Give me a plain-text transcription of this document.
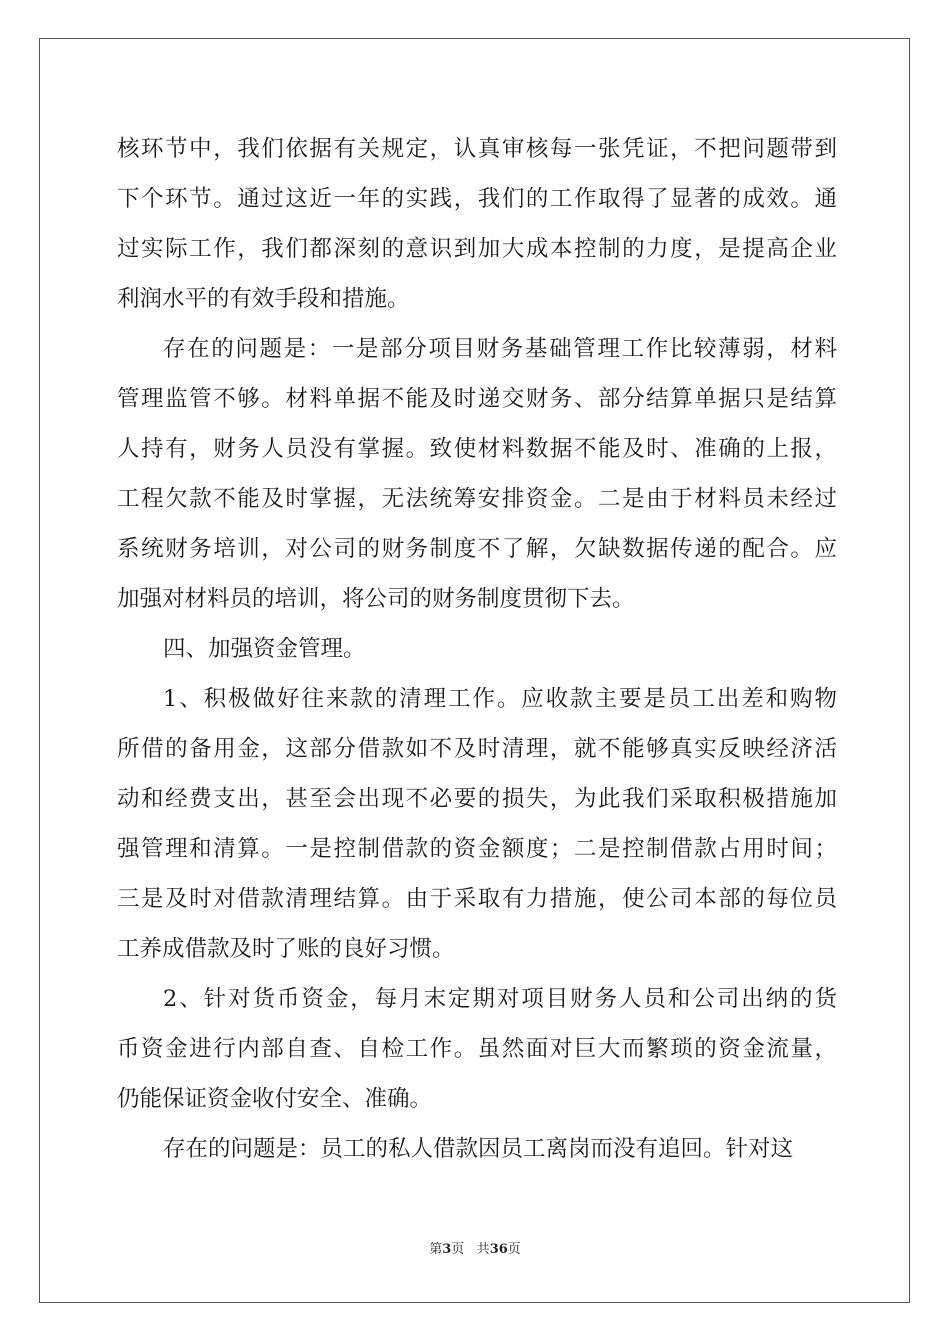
核环节中，我们依据有关规定，认真审核每一张凭证，不把问题带到
下个环节。通过这近一年的实践，我们的工作取得了显著的成效。通
过实际工作，我们都深刻的意识到加大成本控制的力度，是提高企业
利润水平的有效手段和措施。
存在的问题是：一是部分项目财务基础管理工作比较薄弱，材料
管理监管不够。材料单据不能及时递交财务、部分结算单据只是结算
人持有，财务人员没有掌握。致使材料数据不能及时、准确的上报，
工程欠款不能及时掌握，无法统筹安排资金。二是由于材料员未经过
系统财务培训，对公司的财务制度不了解，欠缺数据传递的配合。应
加强对材料员的培训，将公司的财务制度贯彻下去。
四、加强资金管理。
1、积极做好往来款的清理工作。应收款主要是员工出差和购物
所借的备用金，这部分借款如不及时清理，就不能够真实反映经济活
动和经费支出，甚至会出现不必要的损失，为此我们采取积极措施加
强管理和清算。一是控制借款的资金额度；二是控制借款占用时间；
三是及时对借款清理结算。由于采取有力措施，使公司本部的每位员
工养成借款及时了账的良好习惯。
2、针对货币资金，每月末定期对项目财务人员和公司出纳的货
币资金进行内部自查、自检工作。虽然面对巨大而繁琐的资金流量，
仍能保证资金收付安全、准确。
存在的问题是：员工的私人借款因员工离岗而没有追回。针对这
第3页 共36页
